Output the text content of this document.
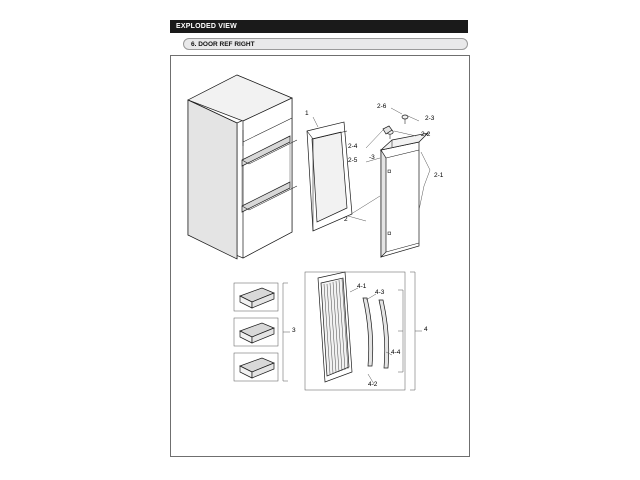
EXPLODED VIEW
6. DOOR REF RIGHT
1
2
2-1
2-2
2-3
-3
2-4
2-5
2-6
3	4
4-1
4-2
4-3
4-4
